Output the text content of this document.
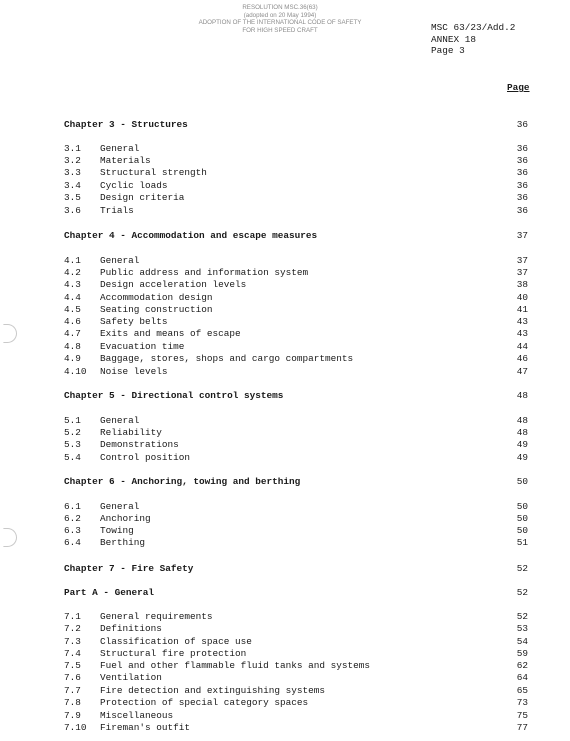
RESOLUTION MSC.36(63)
(adopted on 20 May 1994)
ADOPTION OF THE INTERNATIONAL CODE OF SAFETY
FOR HIGH SPEED CRAFT	MSC 63/23/Add.2
ANNEX 18
Page 3
Page
Chapter 3 - Structures	36
3.1 General	36
3.2 Materials	36
3.3 Structural strength	36
3.4 Cyclic loads	36
3.5 Design criteria	36
3.6 Trials	36
Chapter 4 - Accommodation and escape measures	37
4.1 General	37
4.2 Public address and information system	37
4.3 Design acceleration levels	38
4.4 Accommodation design	40
4.5 Seating construction	41
4.6 Safety belts	43
4.7 Exits and means of escape	43
4.8 Evacuation time	44
4.9 Baggage, stores, shops and cargo compartments	46
4.10 Noise levels	47
Chapter 5 - Directional control systems	48
5.1 General	48
5.2 Reliability	48
5.3 Demonstrations	49
5.4 Control position	49
Chapter 6 - Anchoring, towing and berthing	50
6.1 General	50
6.2 Anchoring	50
6.3 Towing	50
6.4 Berthing	51
Chapter 7 - Fire Safety	52
Part A - General	52
7.1 General requirements	52
7.2 Definitions	53
7.3 Classification of space use	54
7.4 Structural fire protection	59
7.5 Fuel and other flammable fluid tanks and systems	62
7.6 Ventilation	64
7.7 Fire detection and extinguishing systems	65
7.8 Protection of special category spaces	73
7.9 Miscellaneous	75
7.10 Fireman's outfit	77
